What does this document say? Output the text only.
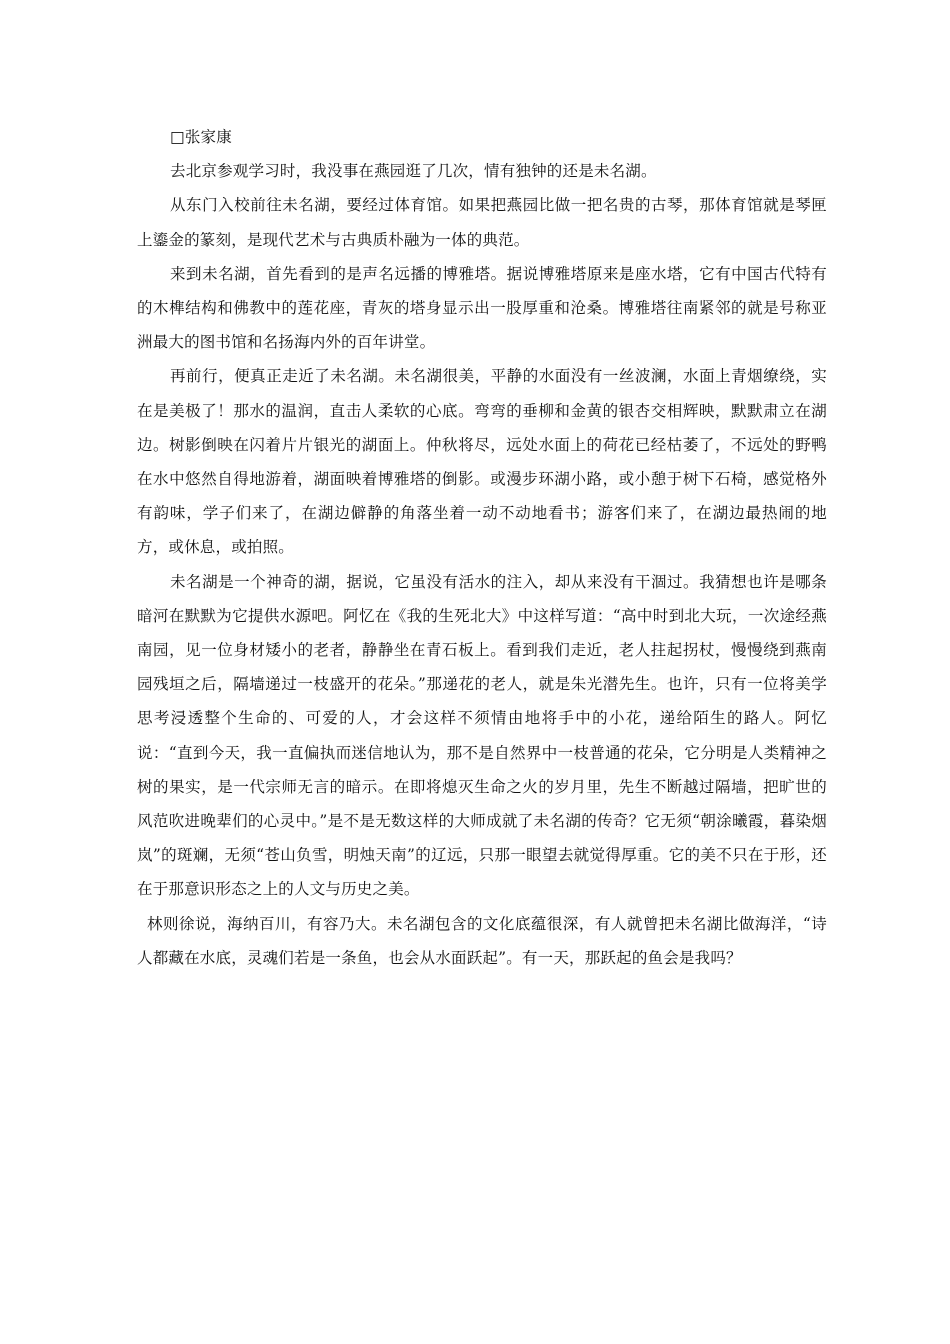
□张家康

去北京参观学习时，我没事在燕园逛了几次，情有独钟的还是未名湖。

从东门入校前往未名湖，要经过体育馆。如果把燕园比做一把名贵的古琴，那体育馆就是琴匣上鎏金的篆刻，是现代艺术与古典质朴融为一体的典范。

来到未名湖，首先看到的是声名远播的博雅塔。据说博雅塔原来是座水塔，它有中国古代特有的木榫结构和佛教中的莲花座，青灰的塔身显示出一股厚重和沧桑。博雅塔往南紧邻的就是号称亚洲最大的图书馆和名扬海内外的百年讲堂。

再前行，便真正走近了未名湖。未名湖很美，平静的水面没有一丝波澜，水面上青烟缭绕，实在是美极了！那水的温润，直击人柔软的心底。弯弯的垂柳和金黄的银杏交相辉映，默默肃立在湖边。树影倒映在闪着片片银光的湖面上。仲秋将尽，远处水面上的荷花已经枯萎了，不远处的野鸭在水中悠然自得地游着，湖面映着博雅塔的倒影。或漫步环湖小路，或小憩于树下石椅，感觉格外有韵味，学子们来了，在湖边僻静的角落坐着一动不动地看书；游客们来了，在湖边最热闹的地方，或休息，或拍照。

未名湖是一个神奇的湖，据说，它虽没有活水的注入，却从来没有干涸过。我猜想也许是哪条暗河在默默为它提供水源吧。阿忆在《我的生死北大》中这样写道：“高中时到北大玩，一次途经燕南园，见一位身材矮小的老者，静静坐在青石板上。看到我们走近，老人拄起拐杖，慢慢绕到燕南园残垣之后，隔墙递过一枝盛开的花朵。”那递花的老人，就是朱光潜先生。也许，只有一位将美学思考浸透整个生命的、可爱的人，才会这样不须情由地将手中的小花，递给陌生的路人。阿忆说：“直到今天，我一直偏执而迷信地认为，那不是自然界中一枝普通的花朵，它分明是人类精神之树的果实，是一代宗师无言的暗示。在即将熄灭生命之火的岁月里，先生不断越过隔墙，把旷世的风范吹进晚辈们的心灵中。”是不是无数这样的大师成就了未名湖的传奇？它无须“朝涂曦霞，暮染烟岚”的斑斓，无须“苍山负雪，明烛天南”的辽远，只那一眼望去就觉得厚重。它的美不只在于形，还在于那意识形态之上的人文与历史之美。

林则徐说，海纳百川，有容乃大。未名湖包含的文化底蕴很深，有人就曾把未名湖比做海洋，“诗人都藏在水底，灵魂们若是一条鱼，也会从水面跃起”。有一天，那跃起的鱼会是我吗？
